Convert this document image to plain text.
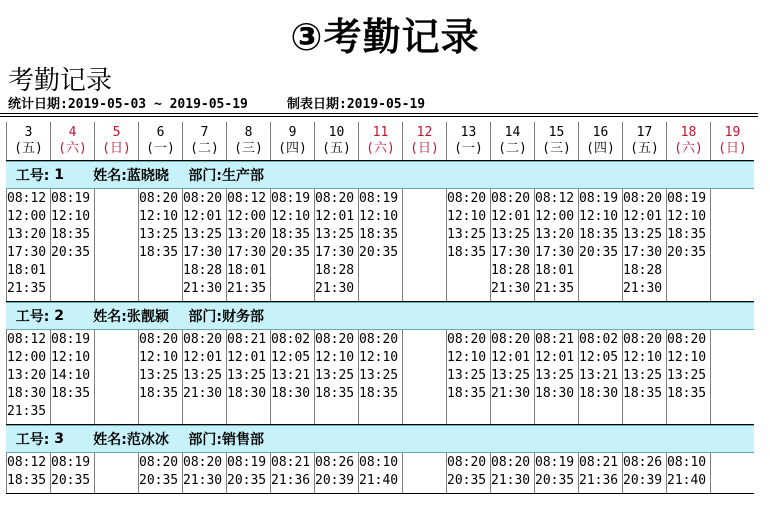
③考勤记录
考勤记录
统计日期:2019-05-03 ~ 2019-05-19	制表日期:2019-05-19
3
(五)
4
(六)
5
(日)
6
(一)
7
(二)
8
(三)
9
(四)
10
(五)
11
(六)
12
(日)
13
(一)
14
(二)
15
(三)
16
(四)
17
(五)
18
(六)
19
(日)

工号: 1
姓名: 蓝晓晓
部门: 生产部
08:12
12:00
13:20
17:30
18:01
21:35
08:19
12:10
18:35
20:35
08:20
12:10
13:25
18:35
08:20
12:01
13:25
17:30
18:28
21:30
08:12
12:00
13:20
17:30
18:01
21:35
08:19
12:10
18:35
20:35
08:20
12:01
13:25
17:30
18:28
21:30
08:19
12:10
18:35
20:35
08:20
12:10
13:25
18:35
08:20
12:01
13:25
17:30
18:28
21:30
08:12
12:00
13:20
17:30
18:01
21:35
08:19
12:10
18:35
20:35
08:20
12:01
13:25
17:30
18:28
21:30
08:19
12:10
18:35
20:35

工号: 2
姓名: 张靓颍
部门: 财务部
08:12
12:00
13:20
18:30
21:35
08:19
12:10
14:10
18:35
08:20
12:10
13:25
18:35
08:20
12:01
13:25
21:30
08:21
12:01
13:25
18:30
08:02
12:05
13:21
18:30
08:20
12:10
13:25
18:35
08:20
12:10
13:25
18:35
08:20
12:10
13:25
18:35
08:20
12:01
13:25
21:30
08:21
12:01
13:25
18:30
08:02
12:05
13:21
18:30
08:20
12:10
13:25
18:35
08:20
12:10
13:25
18:35

工号: 3
姓名: 范冰冰
部门: 销售部
08:12
18:35
08:19
20:35
08:20
20:35
08:20
21:30
08:19
20:35
08:21
21:36
08:26
20:39
08:10
21:40
08:20
20:35
08:20
21:30
08:19
20:35
08:21
21:36
08:26
20:39
08:10
21:40
